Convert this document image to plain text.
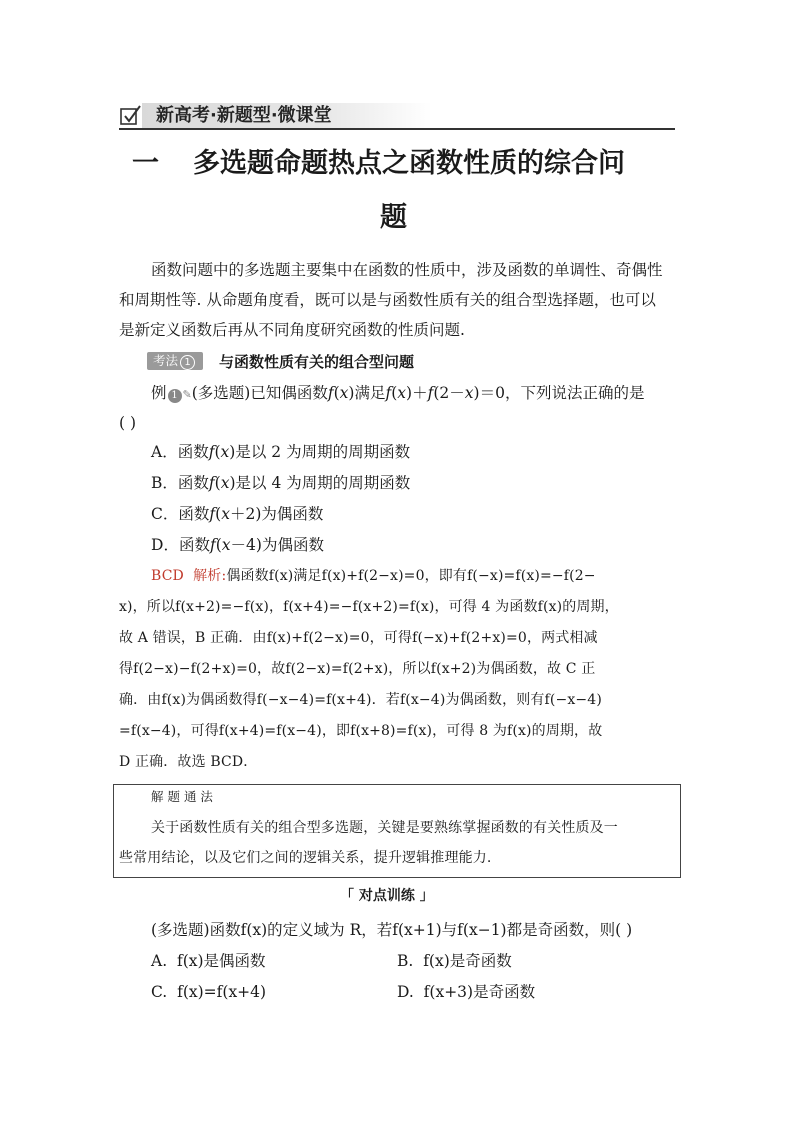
新高考·新题型·微课堂
一 多选题命题热点之函数性质的综合问
题
函数问题中的多选题主要集中在函数的性质中，涉及函数的单调性、奇偶性
和周期性等. 从命题角度看，既可以是与函数性质有关的组合型选择题，也可以
是新定义函数后再从不同角度研究函数的性质问题.
考法 1	与函数性质有关的组合型问题
例 1 ✎(多选题)已知偶函数f(x)满足f(x)＋f(2－x)＝0，下列说法正确的是
( )
A．函数f(x)是以 2 为周期的周期函数
B．函数f(x)是以 4 为周期的周期函数
C．函数f(x＋2)为偶函数
D．函数f(x－4)为偶函数
BCD 解析:偶函数f(x)满足f(x)+f(2−x)=0，即有f(−x)=f(x)=−f(2−
x)，所以f(x+2)=−f(x)，f(x+4)=−f(x+2)=f(x)，可得 4 为函数f(x)的周期，
故 A 错误，B 正确．由f(x)+f(2−x)=0，可得f(−x)+f(2+x)=0，两式相减
得f(2−x)−f(2+x)=0，故f(2−x)=f(2+x)，所以f(x+2)为偶函数，故 C 正
确．由f(x)为偶函数得f(−x−4)=f(x+4)．若f(x−4)为偶函数，则有f(−x−4)
=f(x−4)，可得f(x+4)=f(x−4)，即f(x+8)=f(x)，可得 8 为f(x)的周期，故
D 正确．故选 BCD．
解 题 通 法
关于函数性质有关的组合型多选题，关键是要熟练掌握函数的有关性质及一
些常用结论，以及它们之间的逻辑关系，提升逻辑推理能力.
「 对点训练 」
(多选题)函数f(x)的定义域为 R，若f(x+1)与f(x−1)都是奇函数，则( )
A. f(x)是偶函数	B. f(x)是奇函数
C. f(x)=f(x+4)	D. f(x+3)是奇函数
